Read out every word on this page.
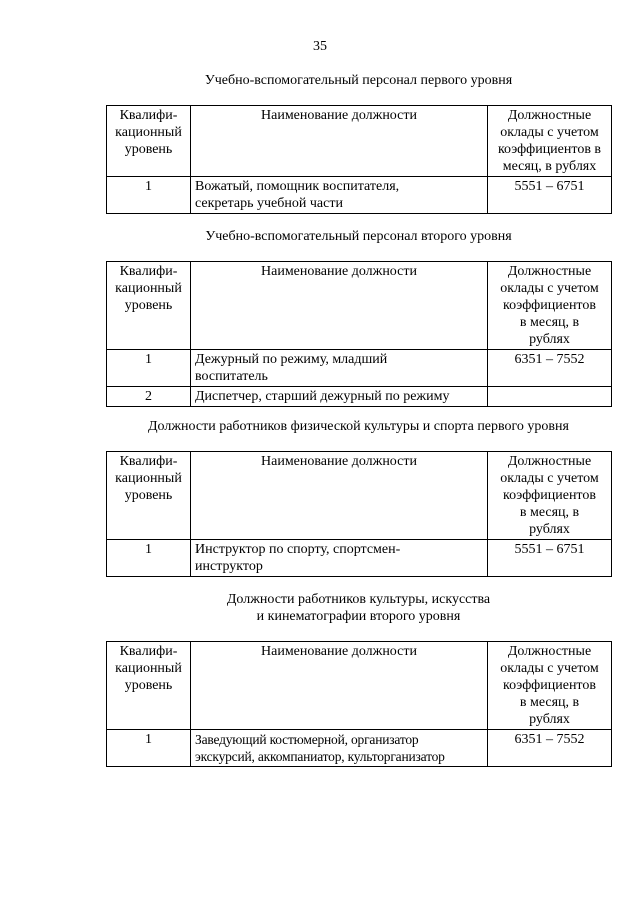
35
Учебно-вспомогательный персонал первого уровня
Квалифи-
кационный
уровень	Наименование должности	Должностные
оклады с учетом
коэффициентов в
месяц, в рублях
1	Вожатый, помощник воспитателя,
секретарь учебной части	5551 – 6751
Учебно-вспомогательный персонал второго уровня
Квалифи-
кационный
уровень	Наименование должности	Должностные
оклады с учетом
коэффициентов
в месяц, в
рублях
1	Дежурный по режиму, младший
воспитатель	6351 – 7552
2	Диспетчер, старший дежурный по режиму	
Должности работников физической культуры и спорта первого уровня
Квалифи-
кационный
уровень	Наименование должности	Должностные
оклады с учетом
коэффициентов
в месяц, в
рублях
1	Инструктор по спорту, спортсмен-
инструктор	5551 – 6751
Должности работников культуры, искусства
и кинематографии второго уровня
Квалифи-
кационный
уровень	Наименование должности	Должностные
оклады с учетом
коэффициентов
в месяц, в
рублях
1	Заведующий костюмерной, организатор
экскурсий, аккомпаниатор, культорганизатор	6351 – 7552
